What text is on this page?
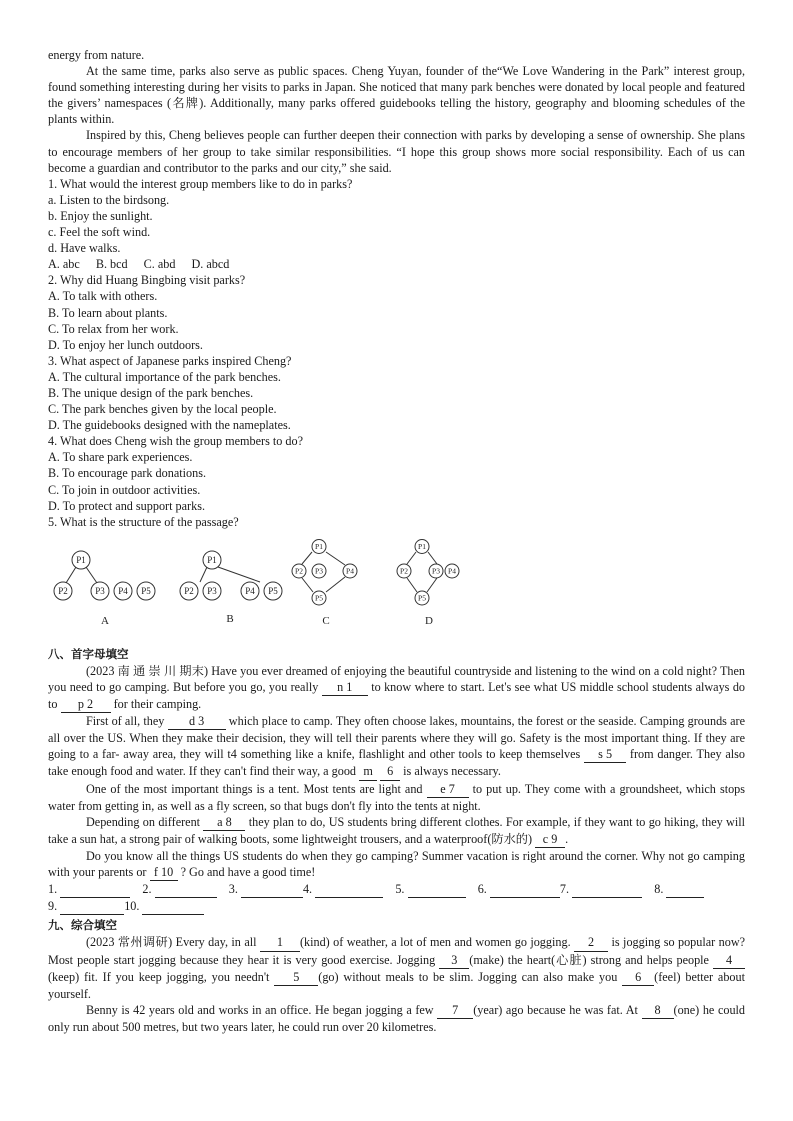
energy from nature.

At the same time, parks also serve as public spaces. Cheng Yuyan, founder of the“We Love Wandering in the Park” interest group, found something interesting during her visits to parks in Japan. She noticed that many park benches were donated by local people and featured the givers’ namespaces (名牌). Additionally, many parks offered guidebooks telling the history, geography and blooming schedules of the plants within.

Inspired by this, Cheng believes people can further deepen their connection with parks by developing a sense of ownership. She plans to encourage members of her group to take similar responsibilities. “I hope this group shows more social responsibility. Each of us can become a guardian and contributor to the parks and our city,” she said.

1. What would the interest group members like to do in parks?
a. Listen to the birdsong.
b. Enjoy the sunlight.
c. Feel the soft wind.
d. Have walks.
A. abc B. bcd C. abd D. abcd
2. Why did Huang Bingbing visit parks?
A. To talk with others.
B. To learn about plants.
C. To relax from her work.
D. To enjoy her lunch outdoors.
3. What aspect of Japanese parks inspired Cheng?
A. The cultural importance of the park benches.
B. The unique design of the park benches.
C. The park benches given by the local people.
D. The guidebooks designed with the nameplates.
4. What does Cheng wish the group members to do?
A. To share park experiences.
B. To encourage park donations.
C. To join in outdoor activities.
D. To protect and support parks.
5. What is the structure of the passage?
P1
P2	P3 P4 P5
A
P1
P2 P3	P4 P5
B
P1
P2 P3	P4
P5
C
P1
P2	P3 P4
P5
D
八、首字母填空

(2023 南 通 崇 川 期末) Have you ever dreamed of enjoying the beautiful countryside and listening to the wind on a cold night? Then you need to go camping. But before you go, you really n 1 to know where to start. Let's see what US middle school students always do to p 2 for their camping.

First of all, they d 3 which place to camp. They often choose lakes, mountains, the forest or the seaside. Camping grounds are all over the US. When they make their decision, they will tell their parents where they will go. Safety is the most important thing. If they are going to a far- away area, they will t4 something like a knife, flashlight and other tools to keep themselves s 5 from danger. They also take enough food and water. If they can't find their way, a good m 6 is always necessary.

One of the most important things is a tent. Most tents are light and e 7 to put up. They come with a groundsheet, which stops water from getting in, as well as a fly screen, so that bugs don't fly into the tents at night.

Depending on different a 8 they plan to do, US students bring different clothes. For example, if they want to go hiking, they will take a sun hat, a strong pair of walking boots, some lightweight trousers, and a waterproof(防水的) c 9 .

Do you know all the things US students do when they go camping? Summer vacation is right around the corner. Why not go camping with your parents or f 10 ? Go and have a good time!

1.	2.	3.	4.	5.	6.	7.	8.
9.	10.
九、综合填空

(2023 常州调研) Every day, in all 1 (kind) of weather, a lot of men and women go jogging. 2 is jogging so popular now? Most people start jogging because they hear it is very good exercise. Jogging 3 (make) the heart(心脏) strong and helps people 4(keep) fit. If you keep jogging, you needn't 5 (go) without meals to be slim. Jogging can also make you 6 (feel) better about yourself.

Benny is 42 years old and works in an office. He began jogging a few 7 (year) ago because he was fat. At 8 (one) he could only run about 500 metres, but two years later, he could run over 20 kilometres.
